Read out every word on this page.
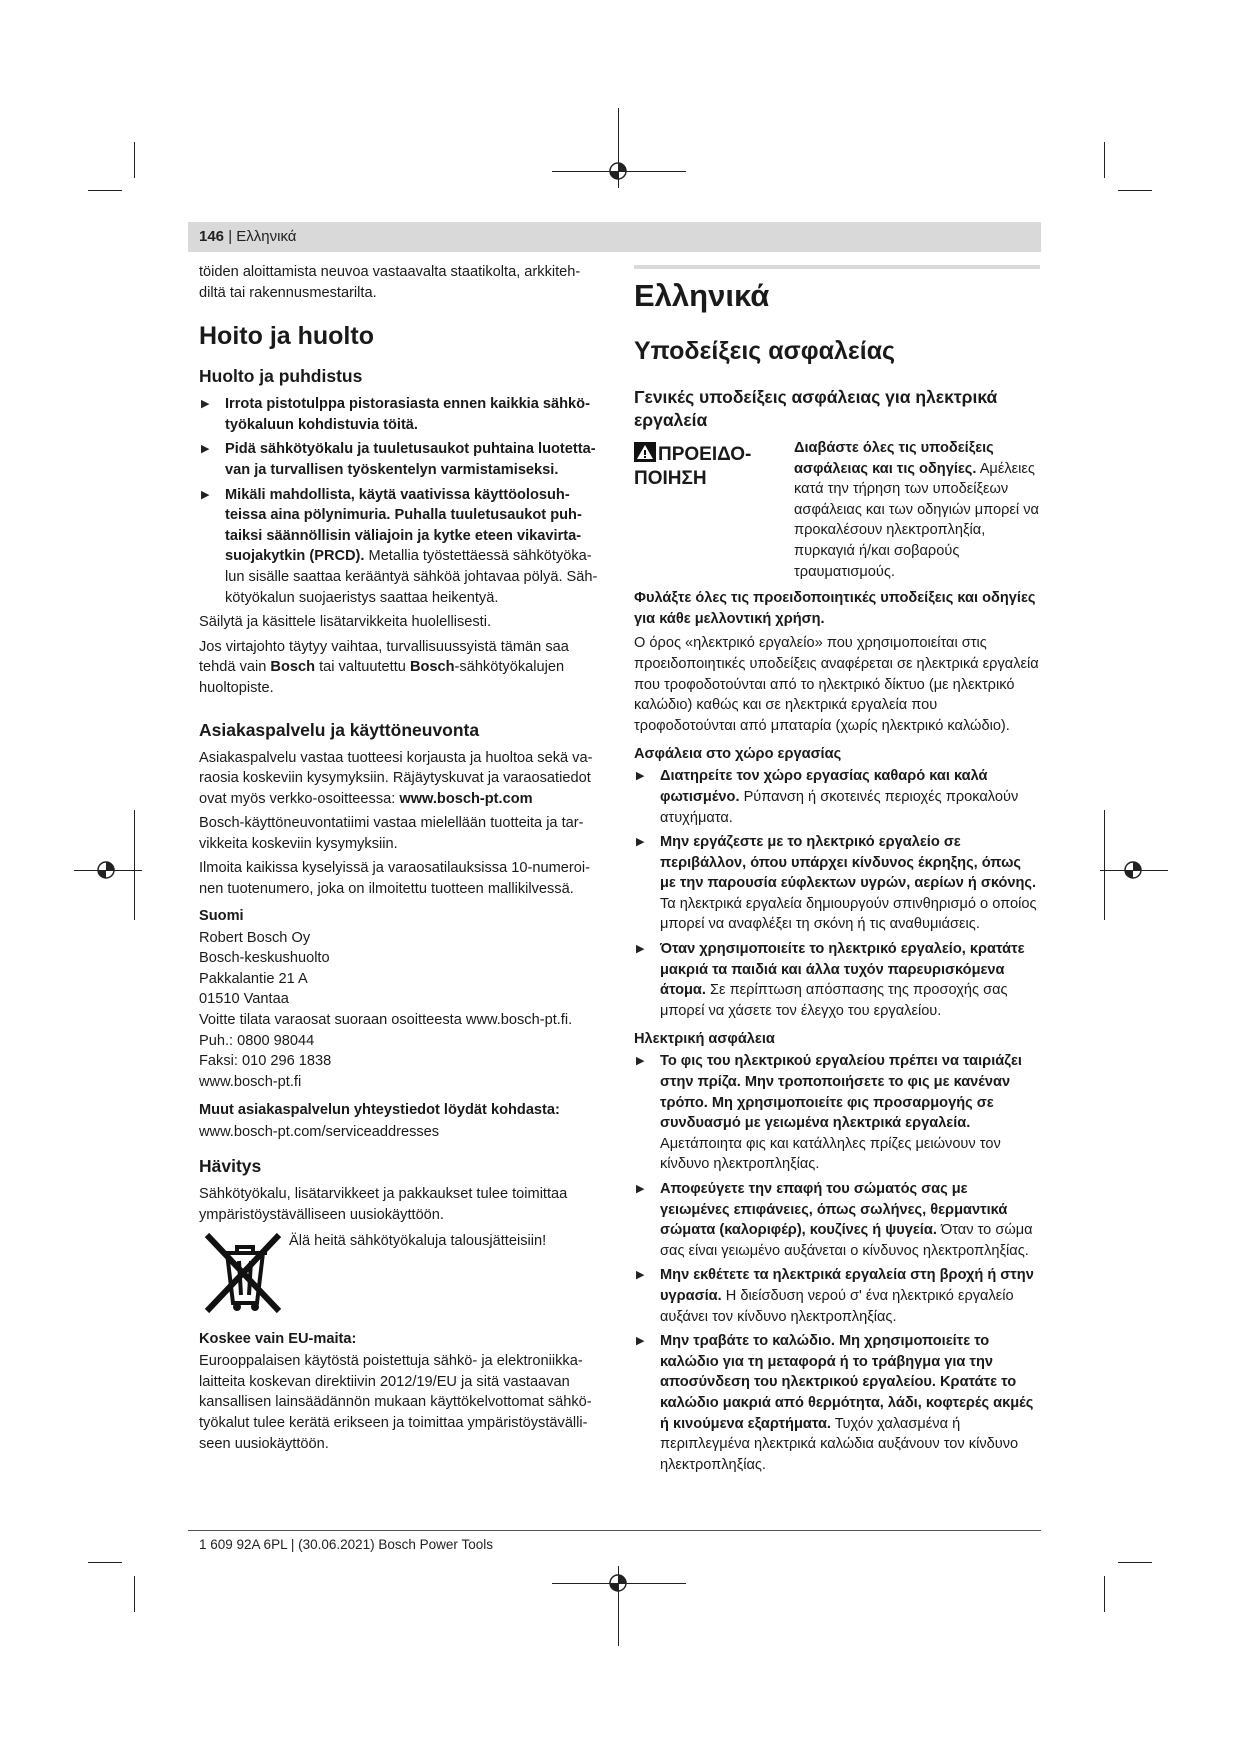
146 | Ελληνικά

töiden aloittamista neuvoa vastaavalta staatikolta, arkkiteh- diltä tai rakennusmestarilta.

Hoito ja huolto
Huolto ja puhdistus
▶ Irrota pistotulppa pistorasiasta ennen kaikkia sähkö- työkaluun kohdistuvia töitä.
▶ Pidä sähkötyökalu ja tuuletusaukot puhtaina luotetta- van ja turvallisen työskentelyn varmistamiseksi.
▶ Mikäli mahdollista, käytä vaativissa käyttöolosuh- teissa aina pölynimuria. Puhalla tuuletusaukot puh- taiksi säännöllisin väliajoin ja kytke eteen vikavirta- suojakytkin (PRCD). Metallia työstettäessä sähkötyöka- lun sisälle saattaa kerääntyä sähköä johtavaa pölyä. Säh- kötyökalun suojaeristys saattaa heikentyä.

Säilytä ja käsittele lisätarvikkeita huolellisesti.

Jos virtajohto täytyy vaihtaa, turvallisuussyistä tämän saa tehdä vain Bosch tai valtuutettu Bosch-sähkötyökalujen huoltopiste.

Asiakaspalvelu ja käyttöneuvonta

Asiakaspalvelu vastaa tuotteesi korjausta ja huoltoa sekä va- raosia koskeviin kysymyksiin. Räjäytyskuvat ja varaosatiedot ovat myös verkko-osoitteessa: www.bosch-pt.com

Bosch-käyttöneuvontatiimi vastaa mielellään tuotteita ja tar- vikkeita koskeviin kysymyksiin.

Ilmoita kaikissa kyselyissä ja varaosatilauksissa 10-numeroi- nen tuotenumero, joka on ilmoitettu tuotteen mallikilvessä.

Suomi

Robert Bosch Oy

Bosch-keskushuolto

Pakkalantie 21 A

01510 Vantaa

Voitte tilata varaosat suoraan osoitteesta www.bosch-pt.fi.

Puh.: 0800 98044

Faksi: 010 296 1838

www.bosch-pt.fi

Muut asiakaspalvelun yhteystiedot löydät kohdasta:

www.bosch-pt.com/serviceaddresses

Hävitys

Sähkötyökalu, lisätarvikkeet ja pakkaukset tulee toimittaa ympäristöystävälliseen uusiokäyttöön.

Älä heitä sähkötyökaluja talousjätteisiin!
Koskee vain EU-maita:

Eurooppalaisen käytöstä poistettuja sähkö- ja elektroniikka- laitteita koskevan direktiivin 2012/19/EU ja sitä vastaavan kansallisen lainsäädännön mukaan käyttökelvottomat sähkö- työkalut tulee kerätä erikseen ja toimittaa ympäristöystävälli- seen uusiokäyttöön.

Ελληνικά
Υποδείξεις ασφαλείας
Γενικές υποδείξεις ασφάλειας για ηλεκτρικά εργαλεία
ΠΡΟΕΙΔΟ- ΠΟΙΗΣΗ
Διαβάστε όλες τις υποδείξεις ασφάλειας και τις οδηγίες. Αμέλειες κατά την τήρηση των υποδείξεων ασφάλειας και των οδηγιών μπορεί να προκαλέσουν ηλεκτροπληξία, πυρκαγιά ή/και σοβαρούς τραυματισμούς.

Φυλάξτε όλες τις προειδοποιητικές υποδείξεις και οδηγίες για κάθε μελλοντική χρήση.

Ο όρος «ηλεκτρικό εργαλείο» που χρησιμοποιείται στις προειδοποιητικές υποδείξεις αναφέρεται σε ηλεκτρικά εργαλεία που τροφοδοτούνται από το ηλεκτρικό δίκτυο (με ηλεκτρικό καλώδιο) καθώς και σε ηλεκτρικά εργαλεία που τροφοδοτούνται από μπαταρία (χωρίς ηλεκτρικό καλώδιο).

Ασφάλεια στο χώρο εργασίας
▶ Διατηρείτε τον χώρο εργασίας καθαρό και καλά φωτισμένο. Ρύπανση ή σκοτεινές περιοχές προκαλούν ατυχήματα.
▶ Μην εργάζεστε με το ηλεκτρικό εργαλείο σε περιβάλλον, όπου υπάρχει κίνδυνος έκρηξης, όπως με την παρουσία εύφλεκτων υγρών, αερίων ή σκόνης. Τα ηλεκτρικά εργαλεία δημιουργούν σπινθηρισμό ο οποίος μπορεί να αναφλέξει τη σκόνη ή τις αναθυμιάσεις.
▶ Όταν χρησιμοποιείτε το ηλεκτρικό εργαλείο, κρατάτε μακριά τα παιδιά και άλλα τυχόν παρευρισκόμενα άτομα. Σε περίπτωση απόσπασης της προσοχής σας μπορεί να χάσετε τον έλεγχο του εργαλείου.
Ηλεκτρική ασφάλεια
▶ Το φις του ηλεκτρικού εργαλείου πρέπει να ταιριάζει στην πρίζα. Μην τροποποιήσετε το φις με κανέναν τρόπο. Μη χρησιμοποιείτε φις προσαρμογής σε συνδυασμό με γειωμένα ηλεκτρικά εργαλεία. Αμετάποιητα φις και κατάλληλες πρίζες μειώνουν τον κίνδυνο ηλεκτροπληξίας.
▶ Αποφεύγετε την επαφή του σώματός σας με γειωμένες επιφάνειες, όπως σωλήνες, θερμαντικά σώματα (καλοριφέρ), κουζίνες ή ψυγεία. Όταν το σώμα σας είναι γειωμένο αυξάνεται ο κίνδυνος ηλεκτροπληξίας.
▶ Μην εκθέτετε τα ηλεκτρικά εργαλεία στη βροχή ή στην υγρασία. Η διείσδυση νερού σ' ένα ηλεκτρικό εργαλείο αυξάνει τον κίνδυνο ηλεκτροπληξίας.
▶ Μην τραβάτε το καλώδιο. Μη χρησιμοποιείτε το καλώδιο για τη μεταφορά ή το τράβηγμα για την αποσύνδεση του ηλεκτρικού εργαλείου. Κρατάτε το καλώδιο μακριά από θερμότητα, λάδι, κοφτερές ακμές ή κινούμενα εξαρτήματα. Τυχόν χαλασμένα ή περιπλεγμένα ηλεκτρικά καλώδια αυξάνουν τον κίνδυνο ηλεκτροπληξίας.
1 609 92A 6PL | (30.06.2021) Bosch Power Tools
